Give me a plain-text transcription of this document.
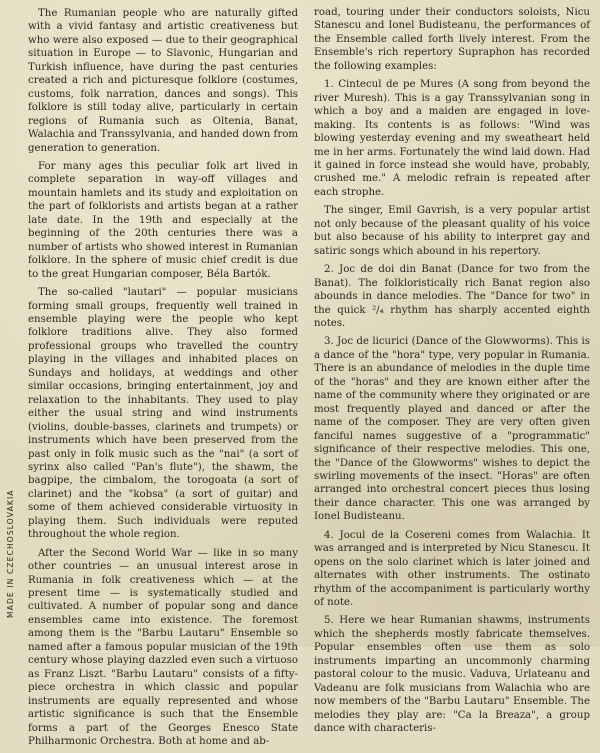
MADE IN CZECHOSLOVAKIA

The Rumanian people who are naturally gifted with a vivid fantasy and artistic creativeness but who were also exposed — due to their geographical situation in Europe — to Slavonic, Hungarian and Turkish influence, have during the past centuries created a rich and picturesque folklore (costumes, customs, folk narration, dances and songs). This folklore is still today alive, particularly in certain regions of Rumania such as Oltenia, Banat, Walachia and Transsylvania, and handed down from generation to generation.

For many ages this peculiar folk art lived in complete separation in way-off villages and mountain hamlets and its study and exploitation on the part of folklorists and artists began at a rather late date. In the 19th and especially at the beginning of the 20th centuries there was a number of artists who showed interest in Rumanian folklore. In the sphere of music chief credit is due to the great Hungarian composer, Béla Bartók.

The so-called "lautari" — popular musicians forming small groups, frequently well trained in ensemble playing were the people who kept folklore traditions alive. They also formed professional groups who travelled the country playing in the villages and inhabited places on Sundays and holidays, at weddings and other similar occasions, bringing entertainment, joy and relaxation to the inhabitants. They used to play either the usual string and wind instruments (violins, double-basses, clarinets and trumpets) or instruments which have been preserved from the past only in folk music such as the "nai" (a sort of syrinx also called "Pan's flute"), the shawm, the bagpipe, the cimbalom, the torogoata (a sort of clarinet) and the "kobsa" (a sort of guitar) and some of them achieved considerable virtuosity in playing them. Such individuals were reputed throughout the whole region.

After the Second World War — like in so many other countries — an unusual interest arose in Rumania in folk creativeness which — at the present time — is systematically studied and cultivated. A number of popular song and dance ensembles came into existence. The foremost among them is the "Barbu Lautaru" Ensemble so named after a famous popular musician of the 19th century whose playing dazzled even such a virtuoso as Franz Liszt. "Barbu Lautaru" consists of a fifty-piece orchestra in which classic and popular instruments are equally represented and whose artistic significance is such that the Ensemble forms a part of the Georges Enesco State Philharmonic Orchestra. Both at home and ab-

road, touring under their conductors soloists, Nicu Stanescu and Ionel Budisteanu, the performances of the Ensemble called forth lively interest. From the Ensemble's rich repertory Supraphon has recorded the following examples:

1. Cintecul de pe Mures (A song from beyond the river Muresh). This is a gay Transsylvanian song in which a boy and a maiden are engaged in love-making. Its contents is as follows: "Wind was blowing yesterday evening and my sweatheart held me in her arms. Fortunately the wind laid down. Had it gained in force instead she would have, probably, crushed me." A melodic refrain is repeated after each strophe.

The singer, Emil Gavrish, is a very popular artist not only because of the pleasant quality of his voice but also because of his ability to interpret gay and satiric songs which abound in his repertory.

2. Joc de doi din Banat (Dance for two from the Banat). The folkloristically rich Banat region also abounds in dance melodies. The "Dance for two" in the quick ²/₄ rhythm has sharply accented eighth notes.

3. Joc de licurici (Dance of the Glowworms). This is a dance of the "hora" type, very popular in Rumania. There is an abundance of melodies in the duple time of the "horas" and they are known either after the name of the community where they originated or are most frequently played and danced or after the name of the composer. They are very often given fanciful names suggestive of a "programmatic" significance of their respective melodies. This one, the "Dance of the Glowworms" wishes to depict the swirling movements of the insect. "Horas" are often arranged into orchestral concert pieces thus losing their dance character. This one was arranged by Ionel Budisteanu.

4. Jocul de la Cosereni comes from Walachia. It was arranged and is interpreted by Nicu Stanescu. It opens on the solo clarinet which is later joined and alternates with other instruments. The ostinato rhythm of the accompaniment is particularly worthy of note.

5. Here we hear Rumanian shawms, instruments which the shepherds mostly fabricate themselves. Popular ensembles often use them as solo instruments imparting an uncommonly charming pastoral colour to the music. Vaduva, Urlateanu and Vadeanu are folk musicians from Walachia who are now members of the "Barbu Lautaru" Ensemble. The melodies they play are: "Ca la Breaza", a group dance with characteris-
